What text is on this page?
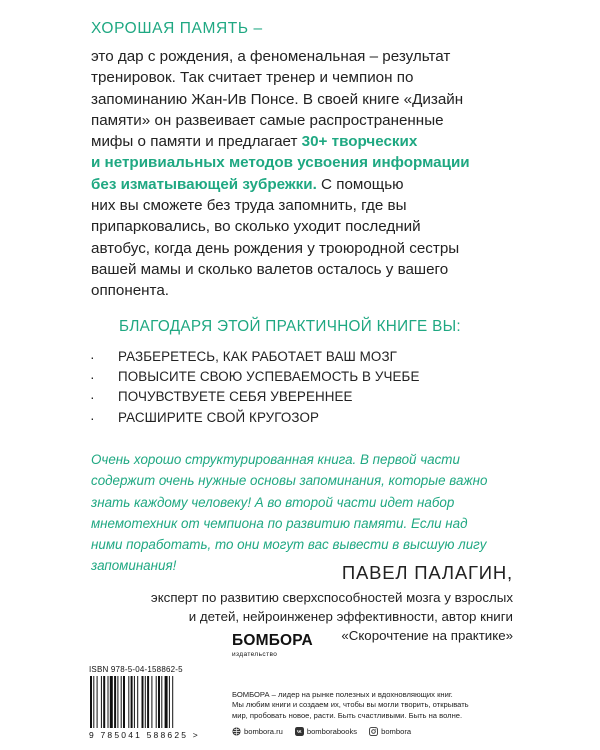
ХОРОШАЯ ПАМЯТЬ –
это дар с рождения, а феноменальная – результат
тренировок. Так считает тренер и чемпион по
запоминанию Жан-Ив Понсе. В своей книге «Дизайн
памяти» он развеивает самые распространенные
мифы о памяти и предлагает 30+ творческих
и нетривиальных методов усвоения информации
без изматывающей зубрежки. С помощью
них вы сможете без труда запомнить, где вы
припарковались, во сколько уходит последний
автобус, когда день рождения у троюродной сестры
вашей мамы и сколько валетов осталось у вашего
оппонента.
БЛАГОДАРЯ ЭТОЙ ПРАКТИЧНОЙ КНИГЕ ВЫ:
· РАЗБЕРЕТЕСЬ, КАК РАБОТАЕТ ВАШ МОЗГ
· ПОВЫСИТЕ СВОЮ УСПЕВАЕМОСТЬ В УЧЕБЕ
· ПОЧУВСТВУЕТЕ СЕБЯ УВЕРЕННЕЕ
· РАСШИРИТЕ СВОЙ КРУГОЗОР
Очень хорошо структурированная книга. В первой части
содержит очень нужные основы запоминания, которые важно
знать каждому человеку! А во второй части идет набор
мнемотехник от чемпиона по развитию памяти. Если над
ними поработать, то они могут вас вывести в высшую лигу
запоминания!	ПАВЕЛ ПАЛАГИН,
эксперт по развитию сверхспособностей мозга у взрослых
и детей, нейроинженер эффективности, автор книги
«Скорочтение на практике»
ISBN 978-5-04-158862-5
9 785041 588625 >
БОМБОРА
издательство
БОМБОРА – лидер на рынке полезных и вдохновляющих книг.
Мы любим книги и создаем их, чтобы вы могли творить, открывать
мир, пробовать новое, расти. Быть счастливыми. Быть на волне.
bombora.ru	bomborabooks	bombora
